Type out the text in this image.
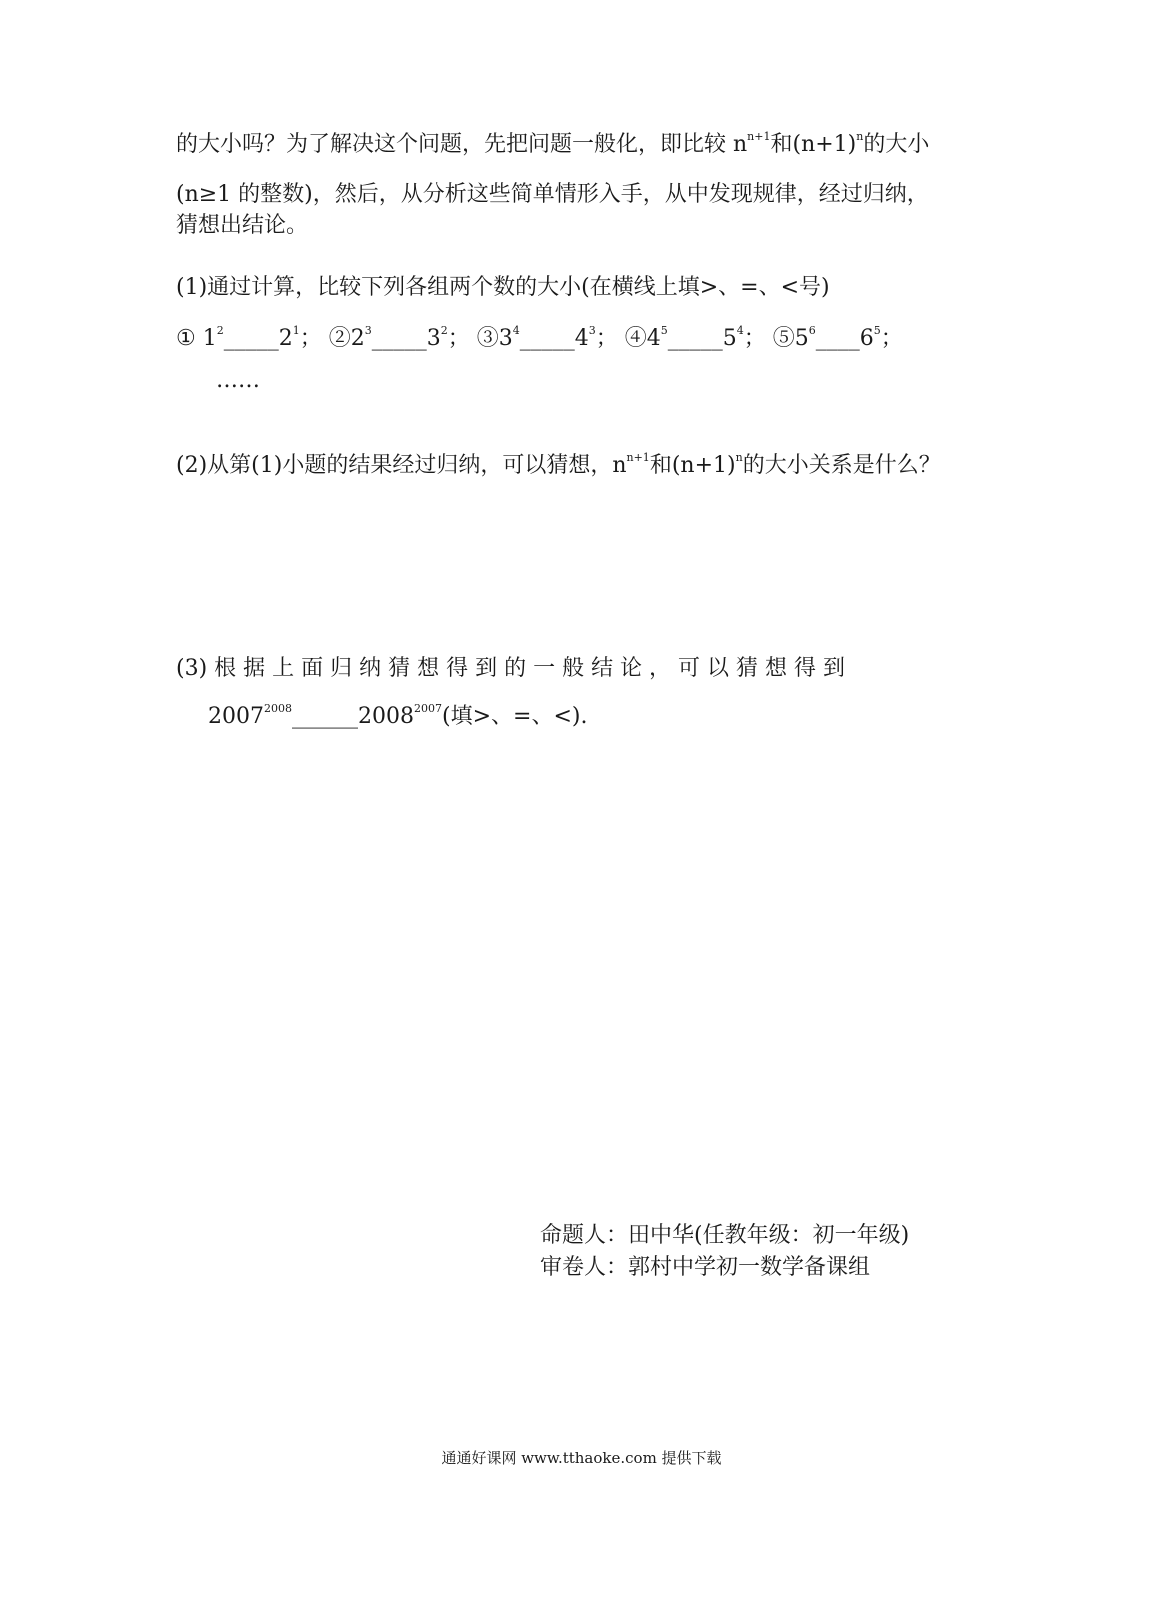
的大小吗？为了解决这个问题，先把问题一般化，即比较 $n^{n+1}$和$(n+1)^n$的大小
(n≥1 的整数)，然后，从分析这些简单情形入手，从中发现规律，经过归纳，
猜想出结论。
(1)通过计算，比较下列各组两个数的大小(在横线上填>、=、<号)
① $1^2\_\_\_\_\_2^1$； $②2^3\_\_\_\_\_3^2$； $③3^4\_\_\_\_\_4^3$； $④4^5\_\_\_\_\_5^4$； $⑤5^6\_\_\_\_6^5$；
……
(2)从第(1)小题的结果经过归纳，可以猜想，$n^{n+1}$和$(n+1)^n$的大小关系是什么？
(3) 根 据 上 面 归 纳 猜 想 得 到 的 一 般 结 论 ， 可 以 猜 想 得 到
$2007^{2008}\_\_\_\_\_\_2008^{2007}$(填>、=、<).
命题人：田中华(任教年级：初一年级)
审卷人：郭村中学初一数学备课组
通通好课网 www.tthaoke.com 提供下载
